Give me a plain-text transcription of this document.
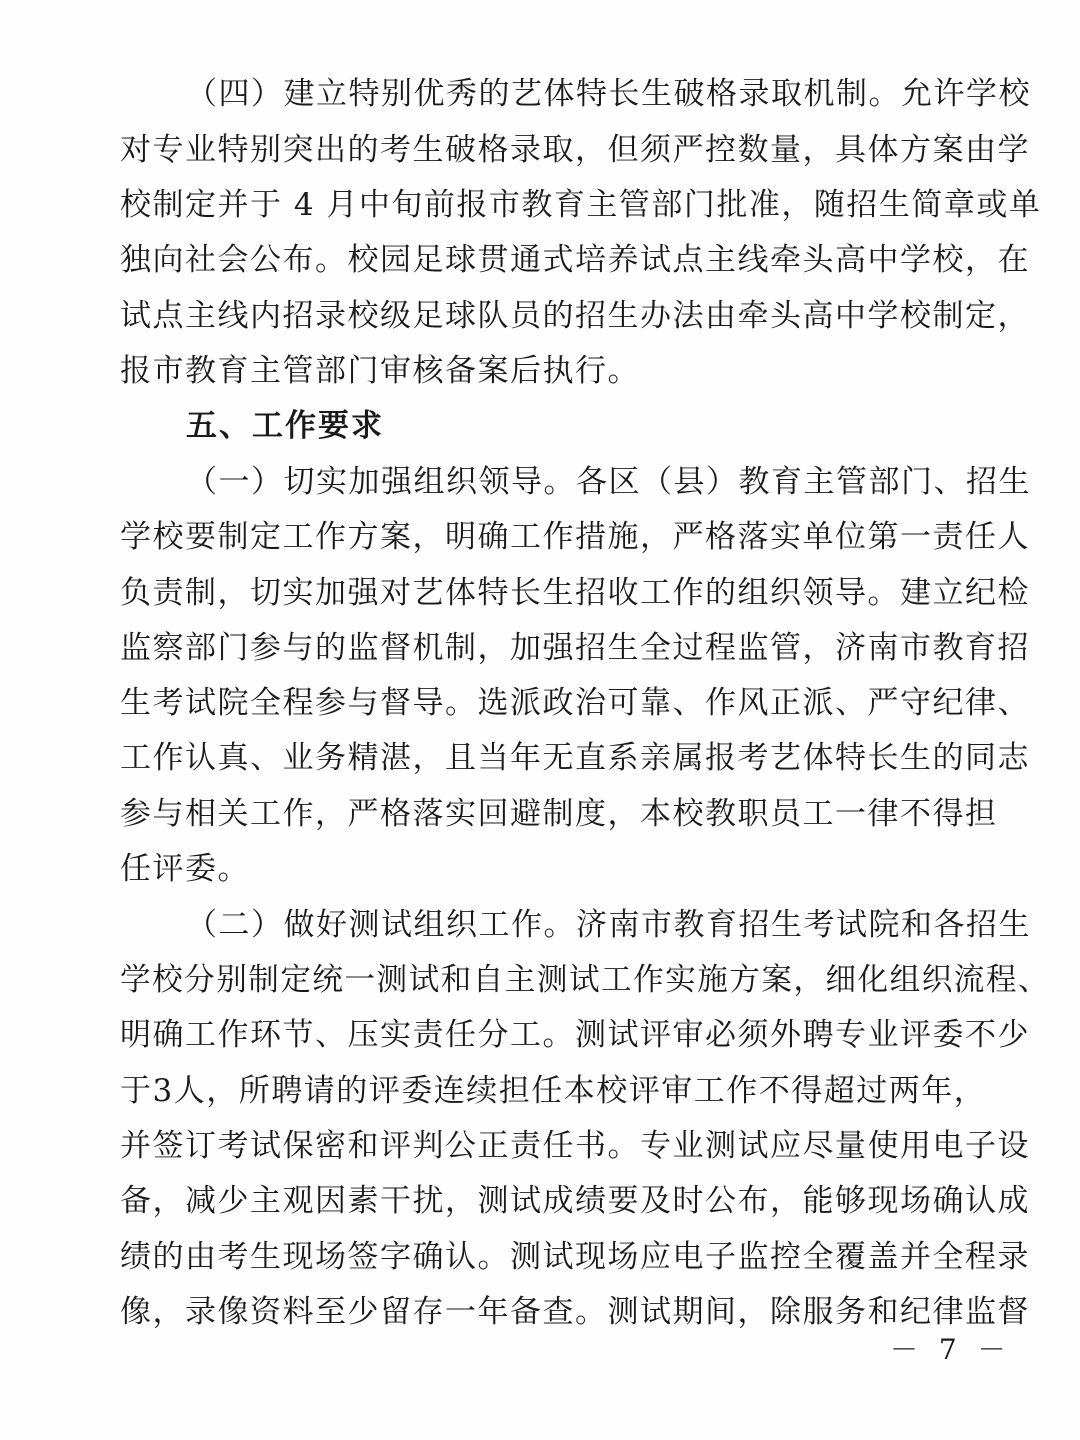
（四）建立特别优秀的艺体特长生破格录取机制。允许学校
对专业特别突出的考生破格录取，但须严控数量，具体方案由学
校制定并于 4 月中旬前报市教育主管部门批准，随招生简章或单
独向社会公布。校园足球贯通式培养试点主线牵头高中学校，在
试点主线内招录校级足球队员的招生办法由牵头高中学校制定，
报市教育主管部门审核备案后执行。
五、工作要求
（一）切实加强组织领导。各区（县）教育主管部门、招生
学校要制定工作方案，明确工作措施，严格落实单位第一责任人
负责制，切实加强对艺体特长生招收工作的组织领导。建立纪检
监察部门参与的监督机制，加强招生全过程监管，济南市教育招
生考试院全程参与督导。选派政治可靠、作风正派、严守纪律、
工作认真、业务精湛，且当年无直系亲属报考艺体特长生的同志
参与相关工作，严格落实回避制度，本校教职员工一律不得担
任评委。
（二）做好测试组织工作。济南市教育招生考试院和各招生
学校分别制定统一测试和自主测试工作实施方案，细化组织流程、
明确工作环节、压实责任分工。测试评审必须外聘专业评委不少
于3人，所聘请的评委连续担任本校评审工作不得超过两年，
并签订考试保密和评判公正责任书。专业测试应尽量使用电子设
备，减少主观因素干扰，测试成绩要及时公布，能够现场确认成
绩的由考生现场签字确认。测试现场应电子监控全覆盖并全程录
像，录像资料至少留存一年备查。测试期间，除服务和纪律监督
－ 7 －
